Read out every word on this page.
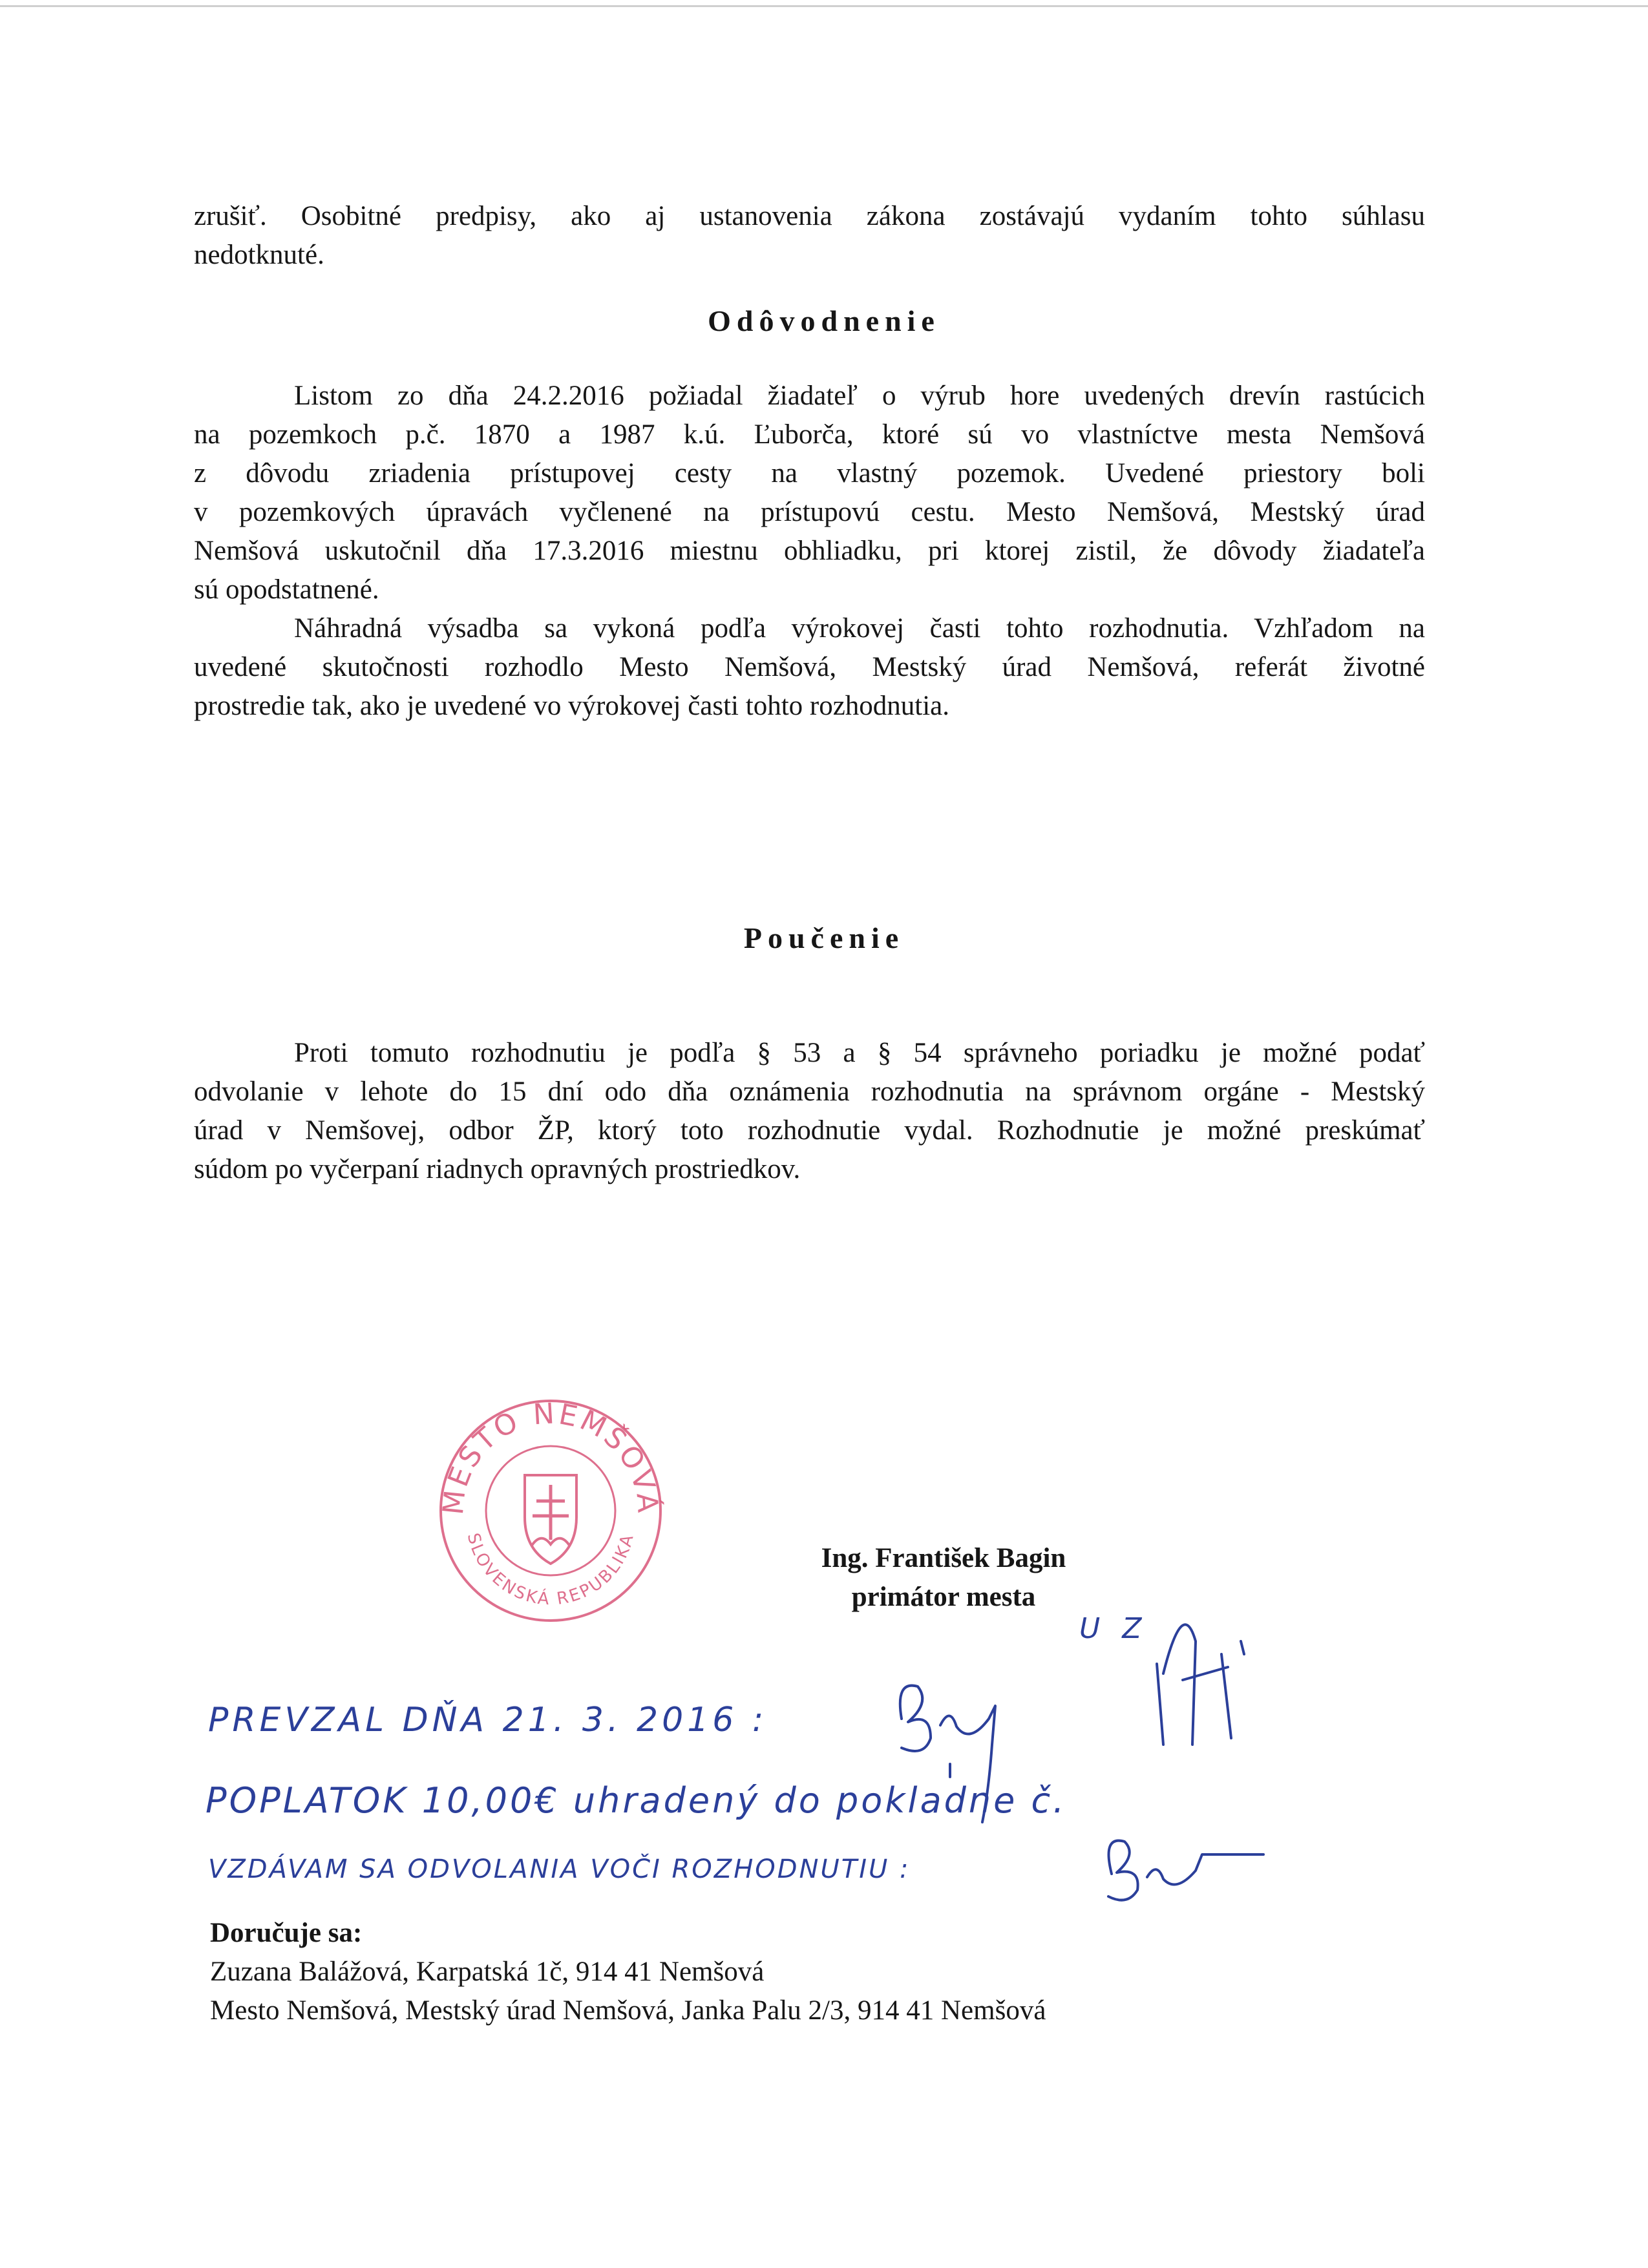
zrušiť. Osobitné predpisy, ako aj ustanovenia zákona zostávajú vydaním tohto súhlasu
nedotknuté.
Odôvodnenie
Listom zo dňa 24.2.2016 požiadal žiadateľ o výrub hore uvedených drevín rastúcich
na pozemkoch p.č. 1870 a 1987 k.ú. Ľuborča, ktoré sú vo vlastníctve mesta Nemšová
z dôvodu zriadenia prístupovej cesty na vlastný pozemok. Uvedené priestory boli
v pozemkových úpravách vyčlenené na prístupovú cestu. Mesto Nemšová, Mestský úrad
Nemšová uskutočnil dňa 17.3.2016 miestnu obhliadku, pri ktorej zistil, že dôvody žiadateľa
sú opodstatnené.
Náhradná výsadba sa vykoná podľa výrokovej časti tohto rozhodnutia. Vzhľadom na
uvedené skutočnosti rozhodlo Mesto Nemšová, Mestský úrad Nemšová, referát životné
prostredie tak, ako je uvedené vo výrokovej časti tohto rozhodnutia.
Poučenie
Proti tomuto rozhodnutiu je podľa § 53 a § 54 správneho poriadku je možné podať
odvolanie v lehote do 15 dní odo dňa oznámenia rozhodnutia na správnom orgáne - Mestský
úrad v Nemšovej, odbor ŽP, ktorý toto rozhodnutie vydal. Rozhodnutie je možné preskúmať
súdom po vyčerpaní riadnych opravných prostriedkov.
MESTO NEMŠOVÁ
SLOVENSKÁ REPUBLIKA
Ing. František Bagin
primátor mesta
PREVZAL DŇA 21. 3. 2016 :
POPLATOK 10,00€ uhradený do pokladne č.
VZDÁVAM SA ODVOLANIA VOČI ROZHODNUTIU :
U Z
Doručuje sa:
Zuzana Balážová, Karpatská 1č, 914 41 Nemšová
Mesto Nemšová, Mestský úrad Nemšová, Janka Palu 2/3, 914 41 Nemšová
